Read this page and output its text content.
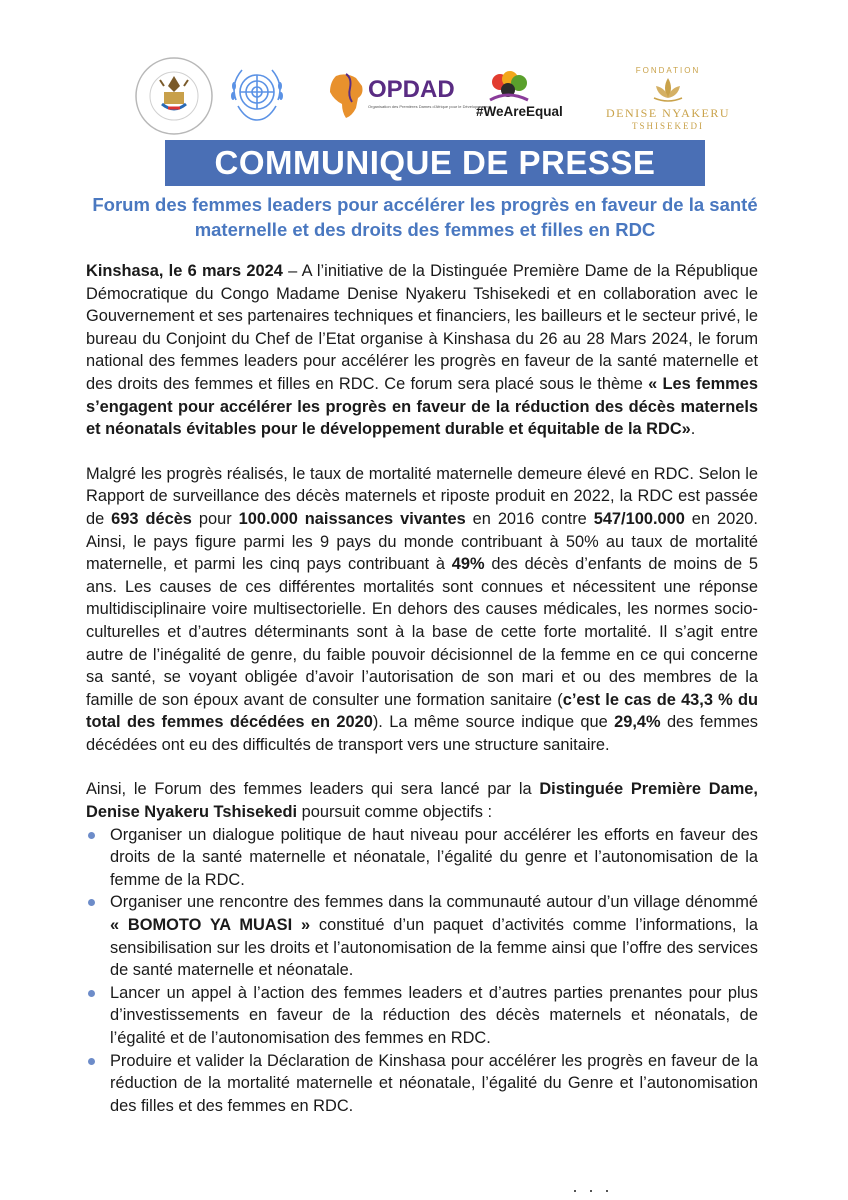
OPDAD
Organisation des Premières Dames d'Afrique pour le Développement
#WeAreEqual
FONDATION
DENISE NYAKERU
TSHISEKEDI
COMMUNIQUE DE PRESSE
Forum des femmes leaders pour accélérer les progrès en faveur de la santé
maternelle et des droits des femmes et filles en RDC

Kinshasa, le 6 mars 2024 – A l’initiative de la Distinguée Première Dame de la République Démocratique du Congo Madame Denise Nyakeru Tshisekedi et en collaboration avec le Gouvernement et ses partenaires techniques et financiers, les bailleurs et le secteur privé, le bureau du Conjoint du Chef de l’Etat organise à Kinshasa du 26 au 28 Mars 2024, le forum national des femmes leaders pour accélérer les progrès en faveur de la santé maternelle et des droits des femmes et filles en RDC. Ce forum sera placé sous le thème « Les femmes s’engagent pour accélérer les progrès en faveur de la réduction des décès maternels et néonatals évitables pour le développement durable et équitable de la RDC».

Malgré les progrès réalisés, le taux de mortalité maternelle demeure élevé en RDC. Selon le Rapport de surveillance des décès maternels et riposte produit en 2022, la RDC est passée de 693 décès pour 100.000 naissances vivantes en 2016 contre 547/100.000 en 2020. Ainsi, le pays figure parmi les 9 pays du monde contribuant à 50% au taux de mortalité maternelle, et parmi les cinq pays contribuant à 49% des décès d’enfants de moins de 5 ans. Les causes de ces différentes mortalités sont connues et nécessitent une réponse multidisciplinaire voire multisectorielle. En dehors des causes médicales, les normes socio- culturelles et d’autres déterminants sont à la base de cette forte mortalité. Il s’agit entre autre de l’inégalité de genre, du faible pouvoir décisionnel de la femme en ce qui concerne sa santé, se voyant obligée d’avoir l’autorisation de son mari et ou des membres de la famille de son époux avant de consulter une formation sanitaire (c’est le cas de 43,3 % du total des femmes décédées en 2020). La même source indique que 29,4% des femmes décédées ont eu des difficultés de transport vers une structure sanitaire.

Ainsi, le Forum des femmes leaders qui sera lancé par la Distinguée Première Dame, Denise Nyakeru Tshisekedi poursuit comme objectifs :

Organiser un dialogue politique de haut niveau pour accélérer les efforts en faveur des droits de la santé maternelle et néonatale, l’égalité du genre et l’autonomisation de la femme de la RDC.
Organiser une rencontre des femmes dans la communauté autour d’un village dénommé « BOMOTO YA MUASI » constitué d’un paquet d’activités comme l’informations, la sensibilisation sur les droits et l’autonomisation de la femme ainsi que l’offre des services de santé maternelle et néonatale.
Lancer un appel à l’action des femmes leaders et d’autres parties prenantes pour plus d’investissements en faveur de la réduction des décès maternels et néonatals, de l’égalité et de l’autonomisation des femmes en RDC.
Produire et valider la Déclaration de Kinshasa pour accélérer les progrès en faveur de la réduction de la mortalité maternelle et néonatale, l’égalité du Genre et l’autonomisation des filles et des femmes en RDC.
